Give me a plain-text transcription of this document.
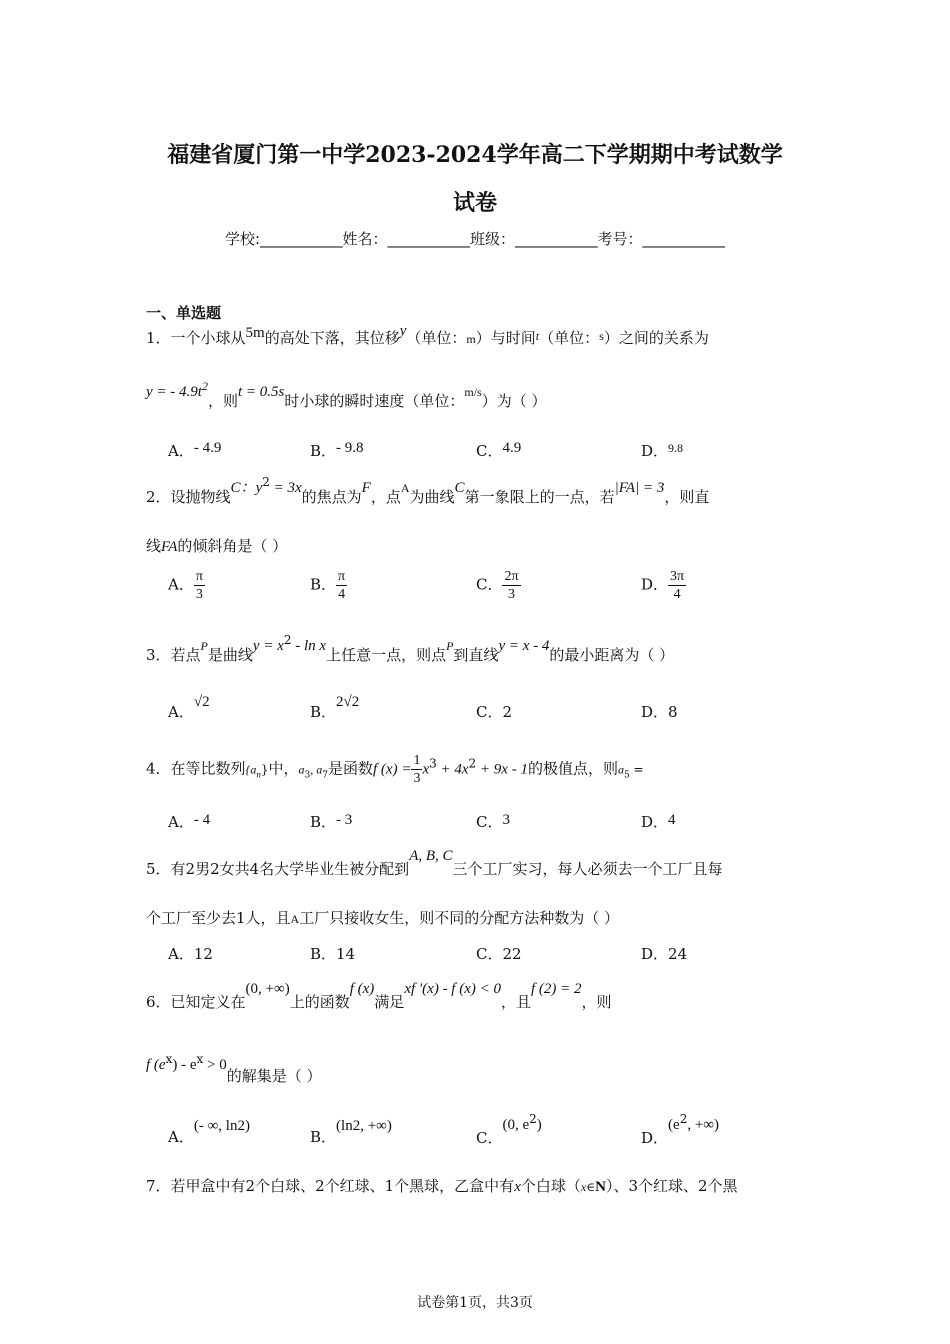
福建省厦门第一中学2023-2024学年高二下学期期中考试数学
试卷
学校:___________姓名：___________班级：___________考号：___________
一、单选题
1．一个小球从5m的高处下落，其位移y（单位：m）与时间$^t$（单位：$^s$）之间的关系为
y = - $4.9t^2$，则t = 0.5s时小球的瞬时速度（单位：m/s）为（ ）
A．- 4.9	B．- 9.8	C．4.9	D．9.8
2．设抛物线C：$y^2 = 3x$的焦点为F，点A为曲线C第一象限上的一点，若|FA| = 3，则直
线FA的倾斜角是（ ）
A． $\frac{\pi}{3}$	B． $\frac{\pi}{4}$	C． $\frac{2\pi}{3}$	D． $\frac{3\pi}{4}$
3．若点P是曲线$y = x^2 - \ln x$上任意一点，则点P到直线y = x - 4的最小距离为（ ）
A．√2
B．2√2
C．2	D．8
4．在等比数列$\{a_n\}$中，$a_3$, $a_7$是函数f $(x) = \frac{1}{3} x^3 + 4x^2 + 9x - 1$的极值点，则$a_5$ =
A．- 4	B．- 3	C．3	D．4
5．有2男2女共4名大学毕业生被分配到A, B, C三个工厂实习，每人必须去一个工厂且每
个工厂至少去1人，且A工厂只接收女生，则不同的分配方法种数为（ ）
A．12	B．14	C．22	D．24
6．已知定义在(0, +∞)上的函数f (x)满足xf ′(x) - f (x) < 0，且f (2) = 2，则
f $(e^x) - e^x > 0$的解集是（ ）
A．(- ∞, ln2)
B．(ln2, +∞)
C．(0, $e^2$)
D．($e^2$, +∞)
7．若甲盒中有2个白球、2个红球、1个黑球，乙盒中有x个白球（x∈N）、3个红球、2个黑
试卷第1页，共3页
